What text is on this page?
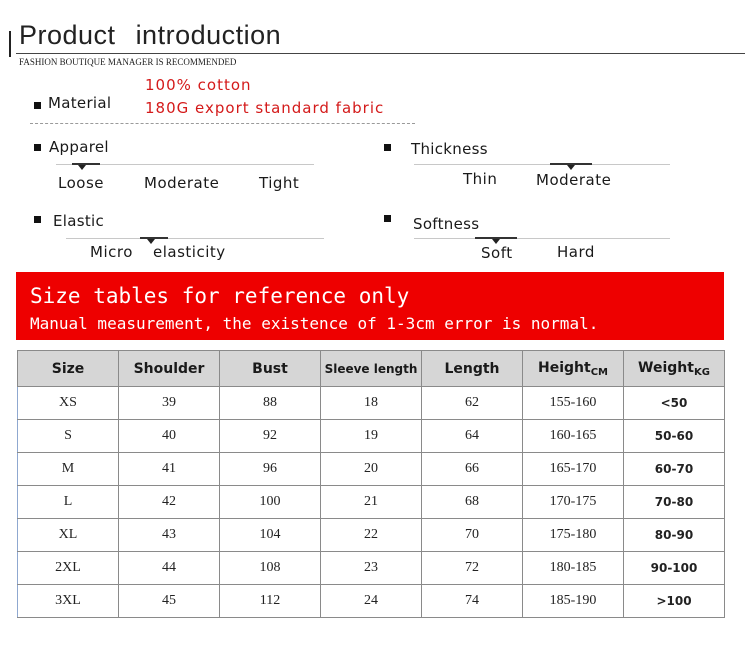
Product introduction
FASHION BOUTIQUE MANAGER IS RECOMMENDED
Material
100% cotton
180G export standard fabric
Apparel
Loose	Moderate	Tight
Thickness
Thin	Moderate
Elastic
Micro elasticity
Softness
Soft	Hard
Size tables for reference only
Manual measurement, the existence of 1-3cm error is normal.
Size	Shoulder	Bust	Sleeve length	Length	Height$_{CM}$	Weight$_{KG}$
XS	39	88	18	62	155-160	<50
S	40	92	19	64	160-165	50-60
M	41	96	20	66	165-170	60-70
L	42	100	21	68	170-175	70-80
XL	43	104	22	70	175-180	80-90
2XL	44	108	23	72	180-185	90-100
3XL	45	112	24	74	185-190	>100
